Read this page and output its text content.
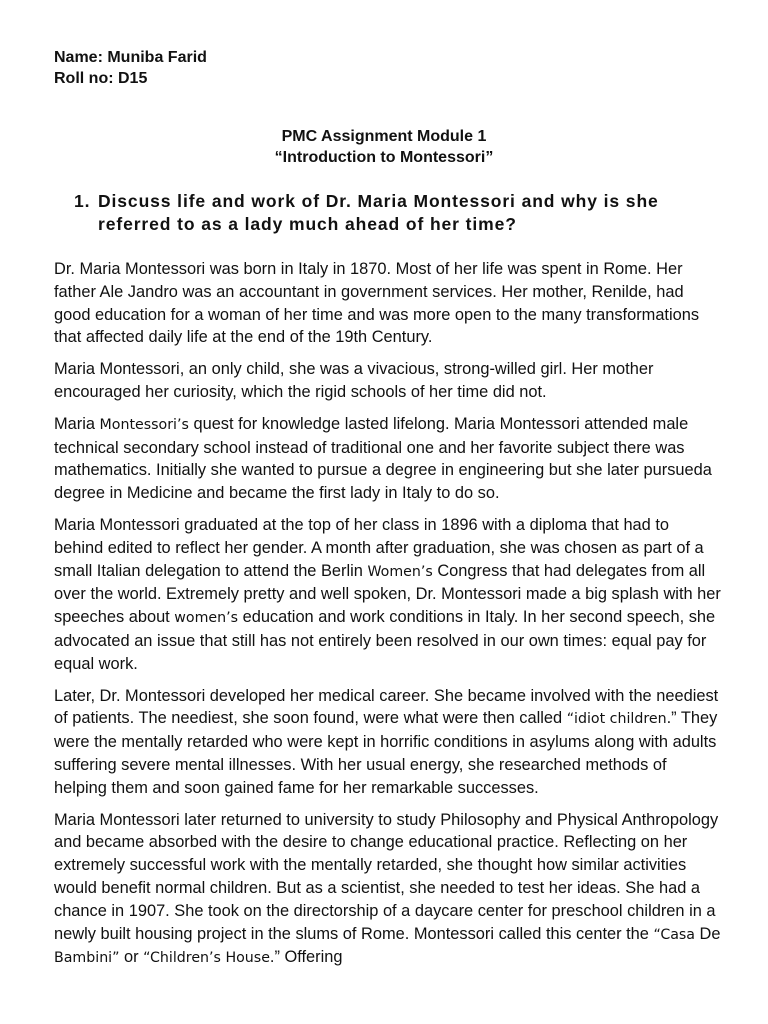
Name: Muniba Farid
Roll no: D15
PMC Assignment Module 1
“Introduction to Montessori”
1. Discuss life and work of Dr. Maria Montessori and why is she referred to as a lady much ahead of her time?

Dr. Maria Montessori was born in Italy in 1870. Most of her life was spent in Rome. Her father Ale Jandro was an accountant in government services. Her mother, Renilde, had good education for a woman of her time and was more open to the many transformations that affected daily life at the end of the 19th Century.

Maria Montessori, an only child, she was a vivacious, strong-willed girl. Her mother encouraged her curiosity, which the rigid schools of her time did not.

Maria Montessori’s quest for knowledge lasted lifelong. Maria Montessori attended male technical secondary school instead of traditional one and her favorite subject there was mathematics. Initially she wanted to pursue a degree in engineering but she later pursueda degree in Medicine and became the first lady in Italy to do so.

Maria Montessori graduated at the top of her class in 1896 with a diploma that had to behind edited to reflect her gender. A month after graduation, she was chosen as part of a small Italian delegation to attend the Berlin Women’s Congress that had delegates from all over the world. Extremely pretty and well spoken, Dr. Montessori made a big splash with her speeches about women’s education and work conditions in Italy. In her second speech, she advocated an issue that still has not entirely been resolved in our own times: equal pay for equal work.

Later, Dr. Montessori developed her medical career. She became involved with the neediest of patients. The neediest, she soon found, were what were then called “idiot children.” They were the mentally retarded who were kept in horrific conditions in asylums along with adults suffering severe mental illnesses. With her usual energy, she researched methods of helping them and soon gained fame for her remarkable successes.

Maria Montessori later returned to university to study Philosophy and Physical Anthropology and became absorbed with the desire to change educational practice. Reflecting on her extremely successful work with the mentally retarded, she thought how similar activities would benefit normal children. But as a scientist, she needed to test her ideas. She had a chance in 1907. She took on the directorship of a daycare center for preschool children in a newly built housing project in the slums of Rome. Montessori called this center the “Casa De Bambini” or “Children’s House.” Offering
